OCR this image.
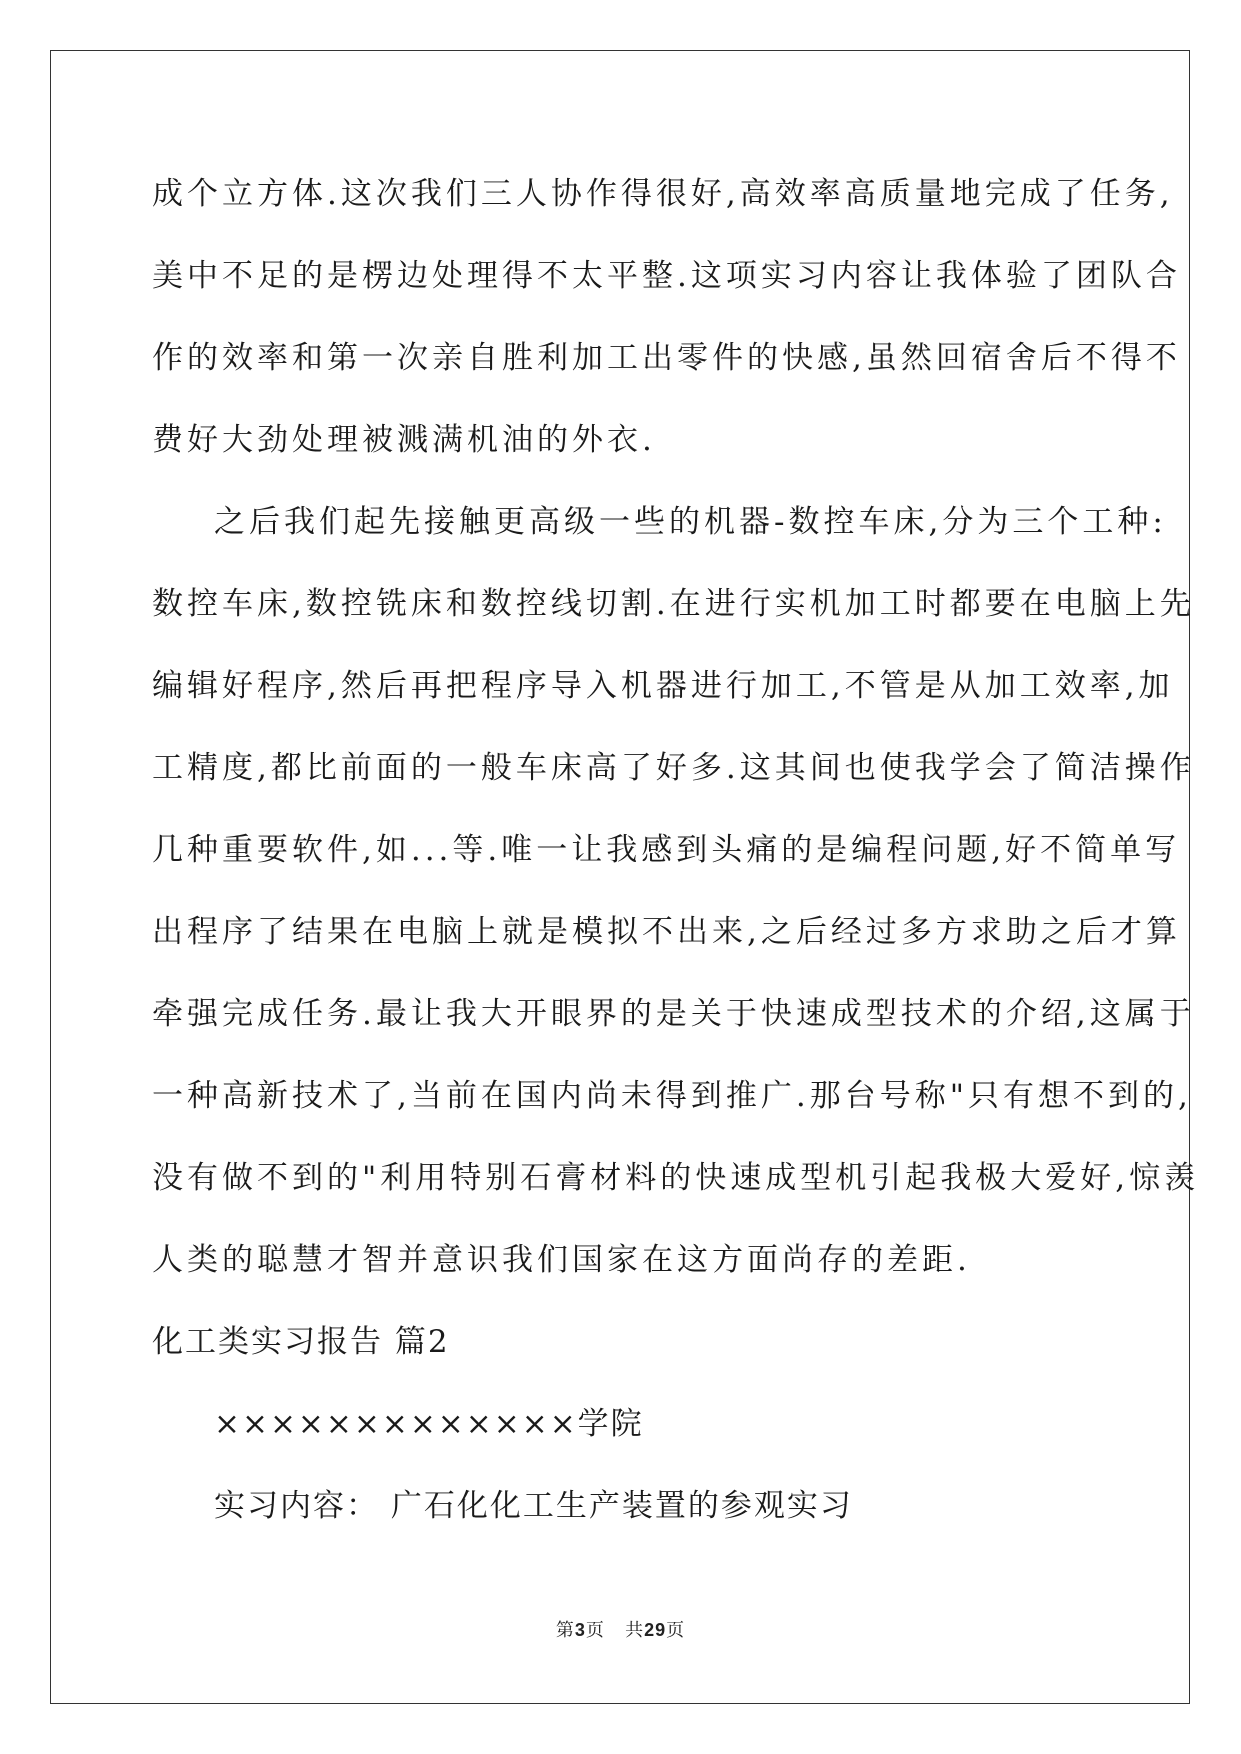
成个立方体.这次我们三人协作得很好,高效率高质量地完成了任务,
美中不足的是楞边处理得不太平整.这项实习内容让我体验了团队合
作的效率和第一次亲自胜利加工出零件的快感,虽然回宿舍后不得不
费好大劲处理被溅满机油的外衣.
之后我们起先接触更高级一些的机器-数控车床,分为三个工种:
数控车床,数控铣床和数控线切割.在进行实机加工时都要在电脑上先
编辑好程序,然后再把程序导入机器进行加工,不管是从加工效率,加
工精度,都比前面的一般车床高了好多.这其间也使我学会了简洁操作
几种重要软件,如...等.唯一让我感到头痛的是编程问题,好不简单写
出程序了结果在电脑上就是模拟不出来,之后经过多方求助之后才算
牵强完成任务.最让我大开眼界的是关于快速成型技术的介绍,这属于
一种高新技术了,当前在国内尚未得到推广.那台号称"只有想不到的,
没有做不到的"利用特别石膏材料的快速成型机引起我极大爱好,惊羡
人类的聪慧才智并意识我们国家在这方面尚存的差距.
化工类实习报告 篇2
×××××××××××××学院
实习内容： 广石化化工生产装置的参观实习
第3页 共29页
